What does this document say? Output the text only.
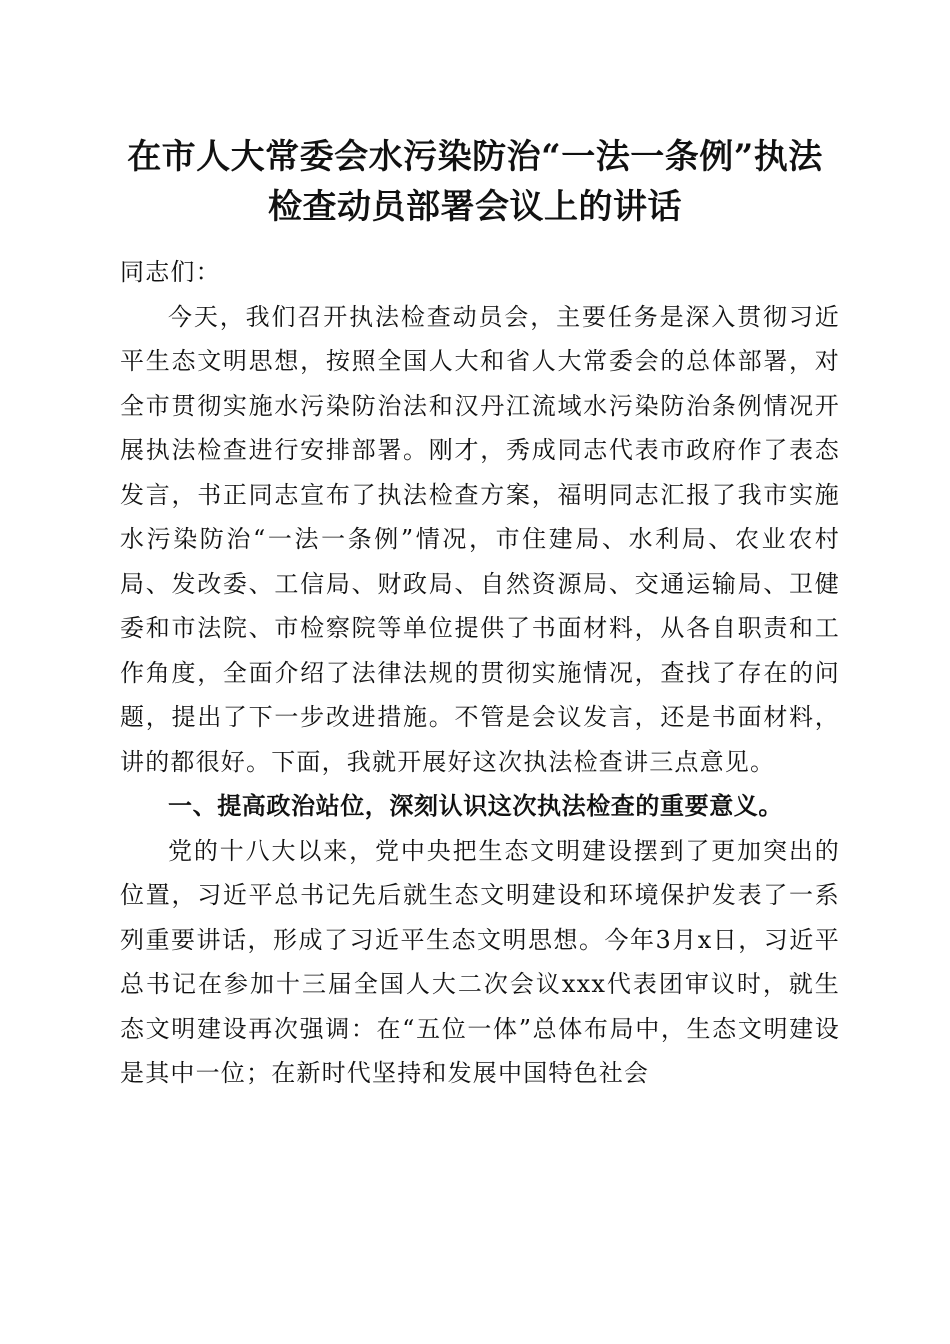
在市人大常委会水污染防治“一法一条例”执法检查动员部署会议上的讲话

同志们：

今天，我们召开执法检查动员会，主要任务是深入贯彻习近平生态文明思想，按照全国人大和省人大常委会的总体部署，对全市贯彻实施水污染防治法和汉丹江流域水污染防治条例情况开展执法检查进行安排部署。刚才，秀成同志代表市政府作了表态发言，书正同志宣布了执法检查方案，福明同志汇报了我市实施水污染防治“一法一条例”情况，市住建局、水利局、农业农村局、发改委、工信局、财政局、自然资源局、交通运输局、卫健委和市法院、市检察院等单位提供了书面材料，从各自职责和工作角度，全面介绍了法律法规的贯彻实施情况，查找了存在的问题，提出了下一步改进措施。不管是会议发言，还是书面材料，讲的都很好。下面，我就开展好这次执法检查讲三点意见。

一、提高政治站位，深刻认识这次执法检查的重要意义。

党的十八大以来，党中央把生态文明建设摆到了更加突出的位置，习近平总书记先后就生态文明建设和环境保护发表了一系列重要讲话，形成了习近平生态文明思想。今年3月x日，习近平总书记在参加十三届全国人大二次会议xxx代表团审议时，就生态文明建设再次强调：在“五位一体”总体布局中，生态文明建设是其中一位；在新时代坚持和发展中国特色社会
